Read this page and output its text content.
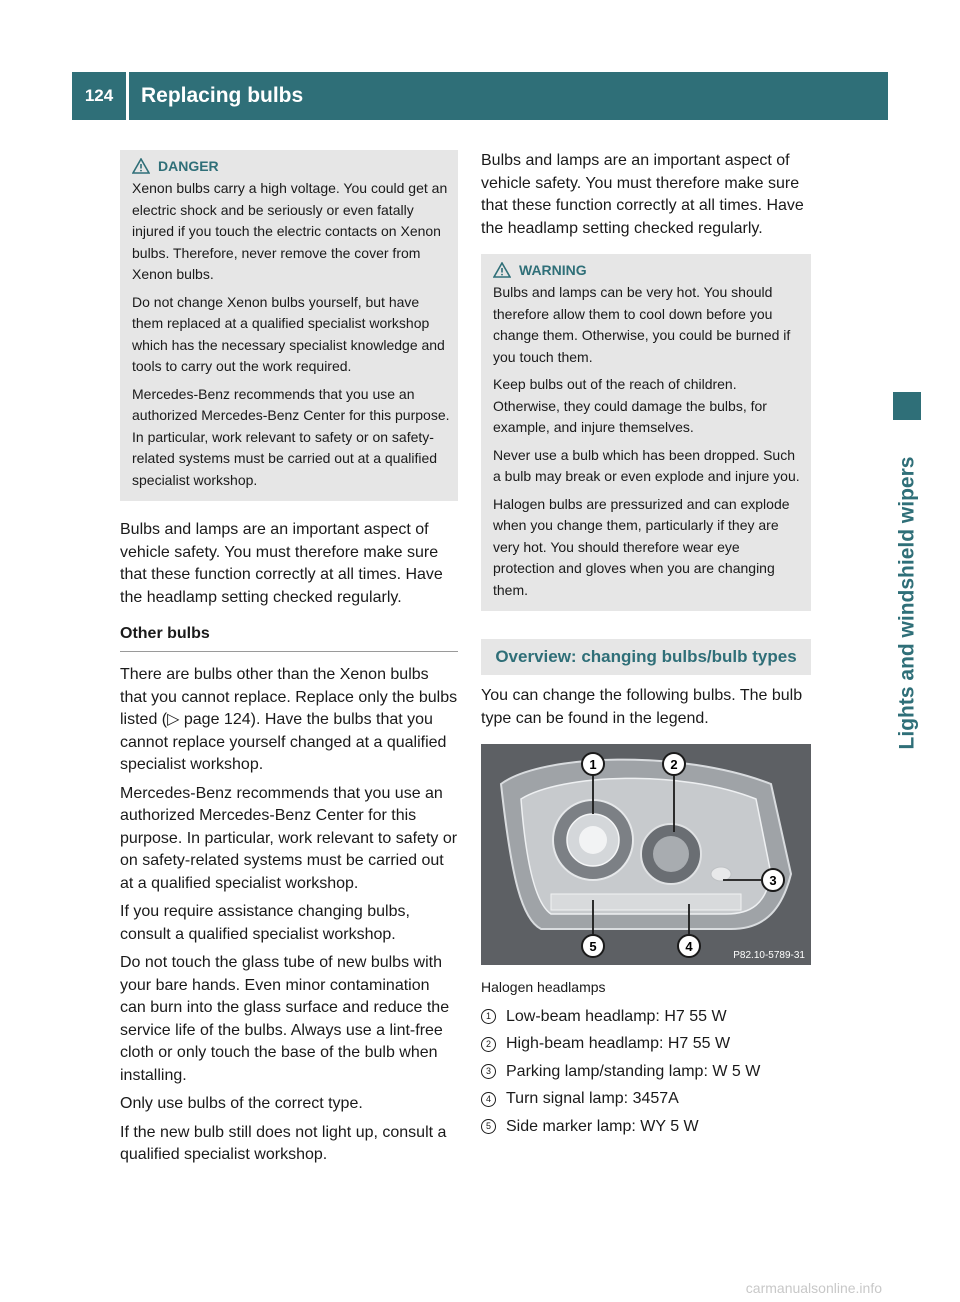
124	Replacing bulbs
Lights and windshield wipers
DANGER

Xenon bulbs carry a high voltage. You could get an electric shock and be seriously or even fatally injured if you touch the electric contacts on Xenon bulbs. Therefore, never remove the cover from Xenon bulbs.

Do not change Xenon bulbs yourself, but have them replaced at a qualified specialist workshop which has the necessary specialist knowledge and tools to carry out the work required.

Mercedes-Benz recommends that you use an authorized Mercedes-Benz Center for this purpose. In particular, work relevant to safety or on safety-related systems must be carried out at a qualified specialist workshop.

Bulbs and lamps are an important aspect of vehicle safety. You must therefore make sure that these function correctly at all times. Have the headlamp setting checked regularly.

Other bulbs

There are bulbs other than the Xenon bulbs that you cannot replace. Replace only the bulbs listed (▷ page 124). Have the bulbs that you cannot replace yourself changed at a qualified specialist workshop.

Mercedes-Benz recommends that you use an authorized Mercedes-Benz Center for this purpose. In particular, work relevant to safety or on safety-related systems must be carried out at a qualified specialist workshop.

If you require assistance changing bulbs, consult a qualified specialist workshop.

Do not touch the glass tube of new bulbs with your bare hands. Even minor contamination can burn into the glass surface and reduce the service life of the bulbs. Always use a lint-free cloth or only touch the base of the bulb when installing.

Only use bulbs of the correct type.

If the new bulb still does not light up, consult a qualified specialist workshop.

Bulbs and lamps are an important aspect of vehicle safety. You must therefore make sure that these function correctly at all times. Have the headlamp setting checked regularly.

WARNING

Bulbs and lamps can be very hot. You should therefore allow them to cool down before you change them. Otherwise, you could be burned if you touch them.

Keep bulbs out of the reach of children. Otherwise, they could damage the bulbs, for example, and injure themselves.

Never use a bulb which has been dropped. Such a bulb may break or even explode and injure you.

Halogen bulbs are pressurized and can explode when you change them, particularly if they are very hot. You should therefore wear eye protection and gloves when you are changing them.

Overview: changing bulbs/bulb types

You can change the following bulbs. The bulb type can be found in the legend.

1	2
3
4
5
P82.10-5789-31
Halogen headlamps
1 Low-beam headlamp: H7 55 W
2 High-beam headlamp: H7 55 W
3 Parking lamp/standing lamp: W 5 W
4 Turn signal lamp: 3457A
5 Side marker lamp: WY 5 W
carmanualsonline.info
